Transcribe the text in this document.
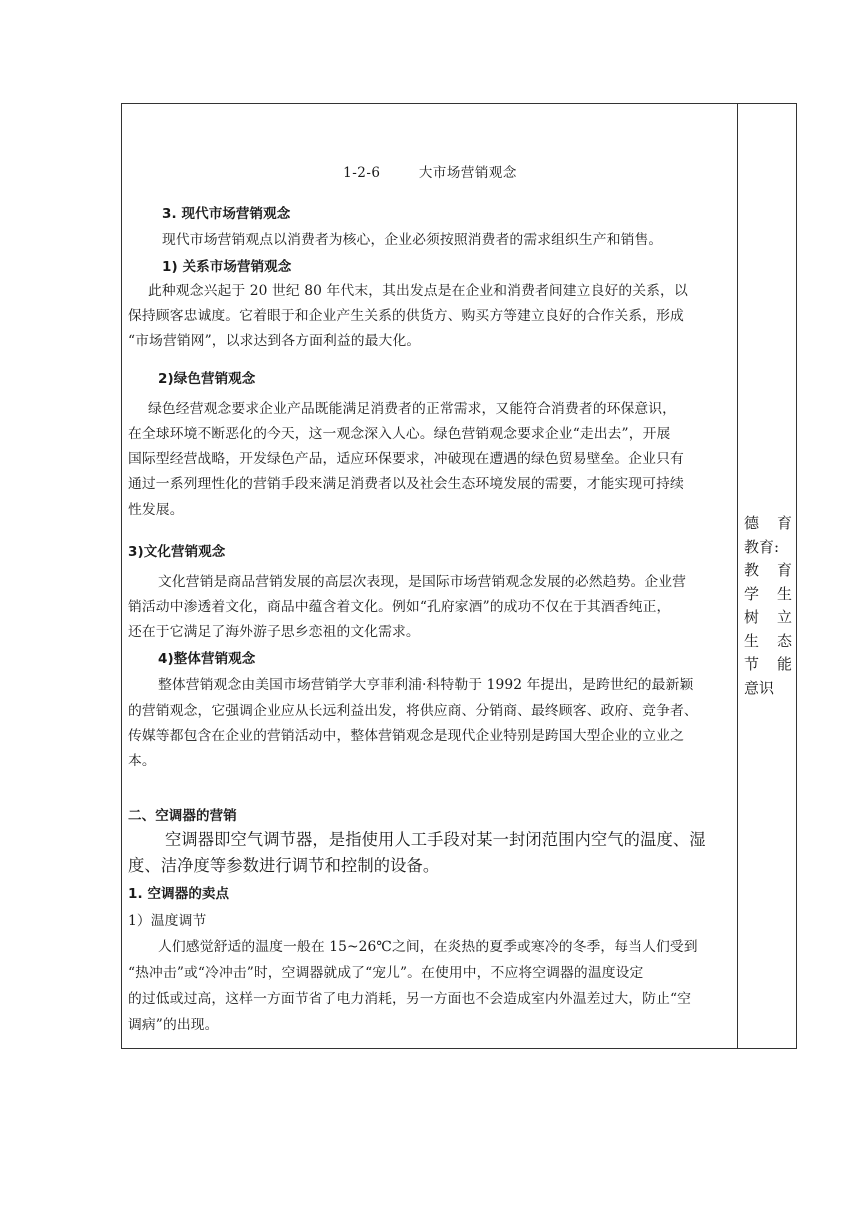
1-2-6        大市场营销观念
3. 现代市场营销观念
现代市场营销观点以消费者为核心，企业必须按照消费者的需求组织生产和销售。
1) 关系市场营销观念
此种观念兴起于 20 世纪 80 年代末，其出发点是在企业和消费者间建立良好的关系，以
保持顾客忠诚度。它着眼于和企业产生关系的供货方、购买方等建立良好的合作关系，形成
“市场营销网”，以求达到各方面利益的最大化。
2)绿色营销观念
绿色经营观念要求企业产品既能满足消费者的正常需求，又能符合消费者的环保意识，
在全球环境不断恶化的今天，这一观念深入人心。绿色营销观念要求企业“走出去”，开展
国际型经营战略，开发绿色产品，适应环保要求，冲破现在遭遇的绿色贸易壁垒。企业只有
通过一系列理性化的营销手段来满足消费者以及社会生态环境发展的需要，才能实现可持续
性发展。
3)文化营销观念
文化营销是商品营销发展的高层次表现，是国际市场营销观念发展的必然趋势。企业营
销活动中渗透着文化，商品中蕴含着文化。例如“孔府家酒”的成功不仅在于其酒香纯正，
还在于它满足了海外游子思乡恋祖的文化需求。
4)整体营销观念
整体营销观念由美国市场营销学大亨菲利浦·科特勒于 1992 年提出，是跨世纪的最新颖
的营销观念，它强调企业应从长远利益出发，将供应商、分销商、最终顾客、政府、竞争者、
传媒等都包含在企业的营销活动中，整体营销观念是现代企业特别是跨国大型企业的立业之
本。
二、空调器的营销
空调器即空气调节器，是指使用人工手段对某一封闭范围内空气的温度、湿
度、洁净度等参数进行调节和控制的设备。
1. 空调器的卖点
1）温度调节
人们感觉舒适的温度一般在 15~26℃之间，在炎热的夏季或寒冷的冬季，每当人们受到
“热冲击”或“冷冲击”时，空调器就成了“宠儿”。在使用中，不应将空调器的温度设定
的过低或过高，这样一方面节省了电力消耗，另一方面也不会造成室内外温差过大，防止“空
调病”的出现。
德 育
教育:
教 育
学 生
树 立
生 态
节 能
意识
